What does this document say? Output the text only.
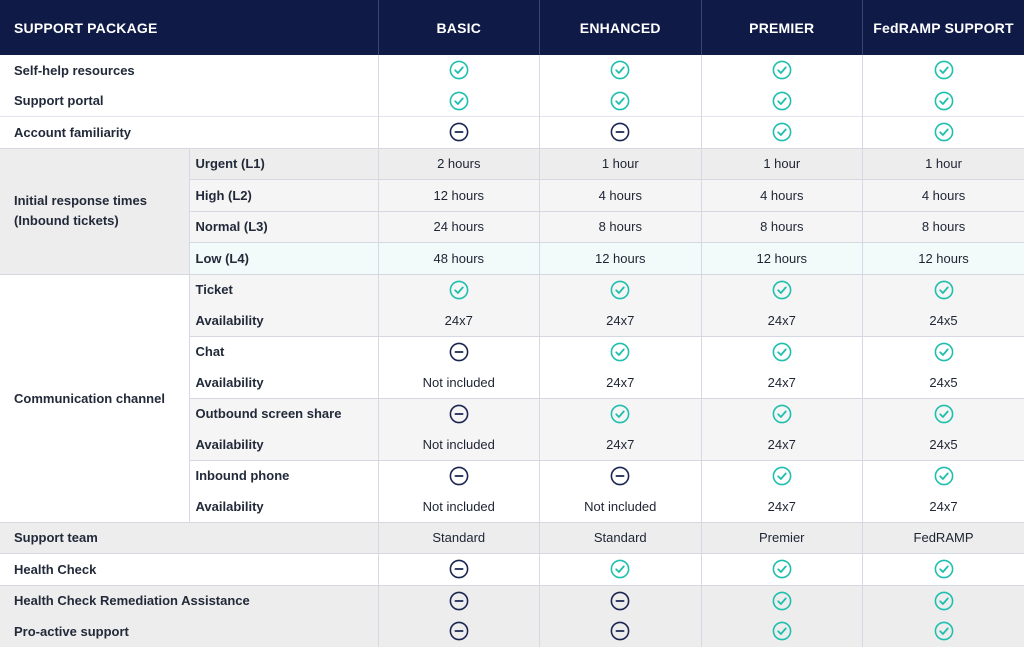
SUPPORT PACKAGE		BASIC	ENHANCED	PREMIER	FedRAMP SUPPORT
Self-help resources	

Support portal	

Account familiarity	

Initial response times
(Inbound tickets)	Urgent (L1)	2 hours	1 hour	1 hour	1 hour
	High (L2)	12 hours	4 hours	4 hours	4 hours
	Normal (L3)	24 hours	8 hours	8 hours	8 hours
	Low (L4)	48 hours	12 hours	12 hours	12 hours
Communication channel	Ticket	

	Availability	24x7	24x7	24x7	24x5
	Chat	

	Availability	Not included	24x7	24x7	24x5
	Outbound screen share	

	Availability	Not included	24x7	24x7	24x5
	Inbound phone	

	Availability	Not included	Not included	24x7	24x7
Support team		Standard	Standard	Premier	FedRAMP
Health Check	

Health Check Remediation Assistance	

Pro-active support	
